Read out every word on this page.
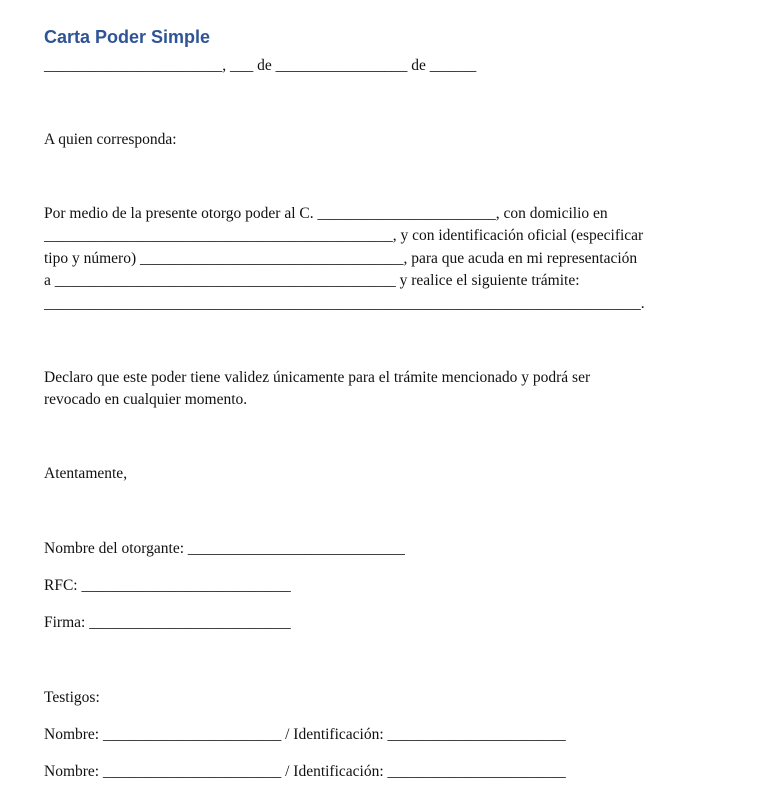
Carta Poder Simple
_______________________, ___ de _________________ de ______
A quien corresponda:
Por medio de la presente otorgo poder al C. _______________________, con domicilio en
_____________________________________________, y con identificación oficial (especificar
tipo y número) __________________________________, para que acuda en mi representación
a ____________________________________________ y realice el siguiente trámite:
_____________________________________________________________________________.
Declaro que este poder tiene validez únicamente para el trámite mencionado y podrá ser
revocado en cualquier momento.
Atentamente,
Nombre del otorgante: ____________________________
RFC: ___________________________
Firma: __________________________
Testigos:
Nombre: _______________________ / Identificación: _______________________
Nombre: _______________________ / Identificación: _______________________
